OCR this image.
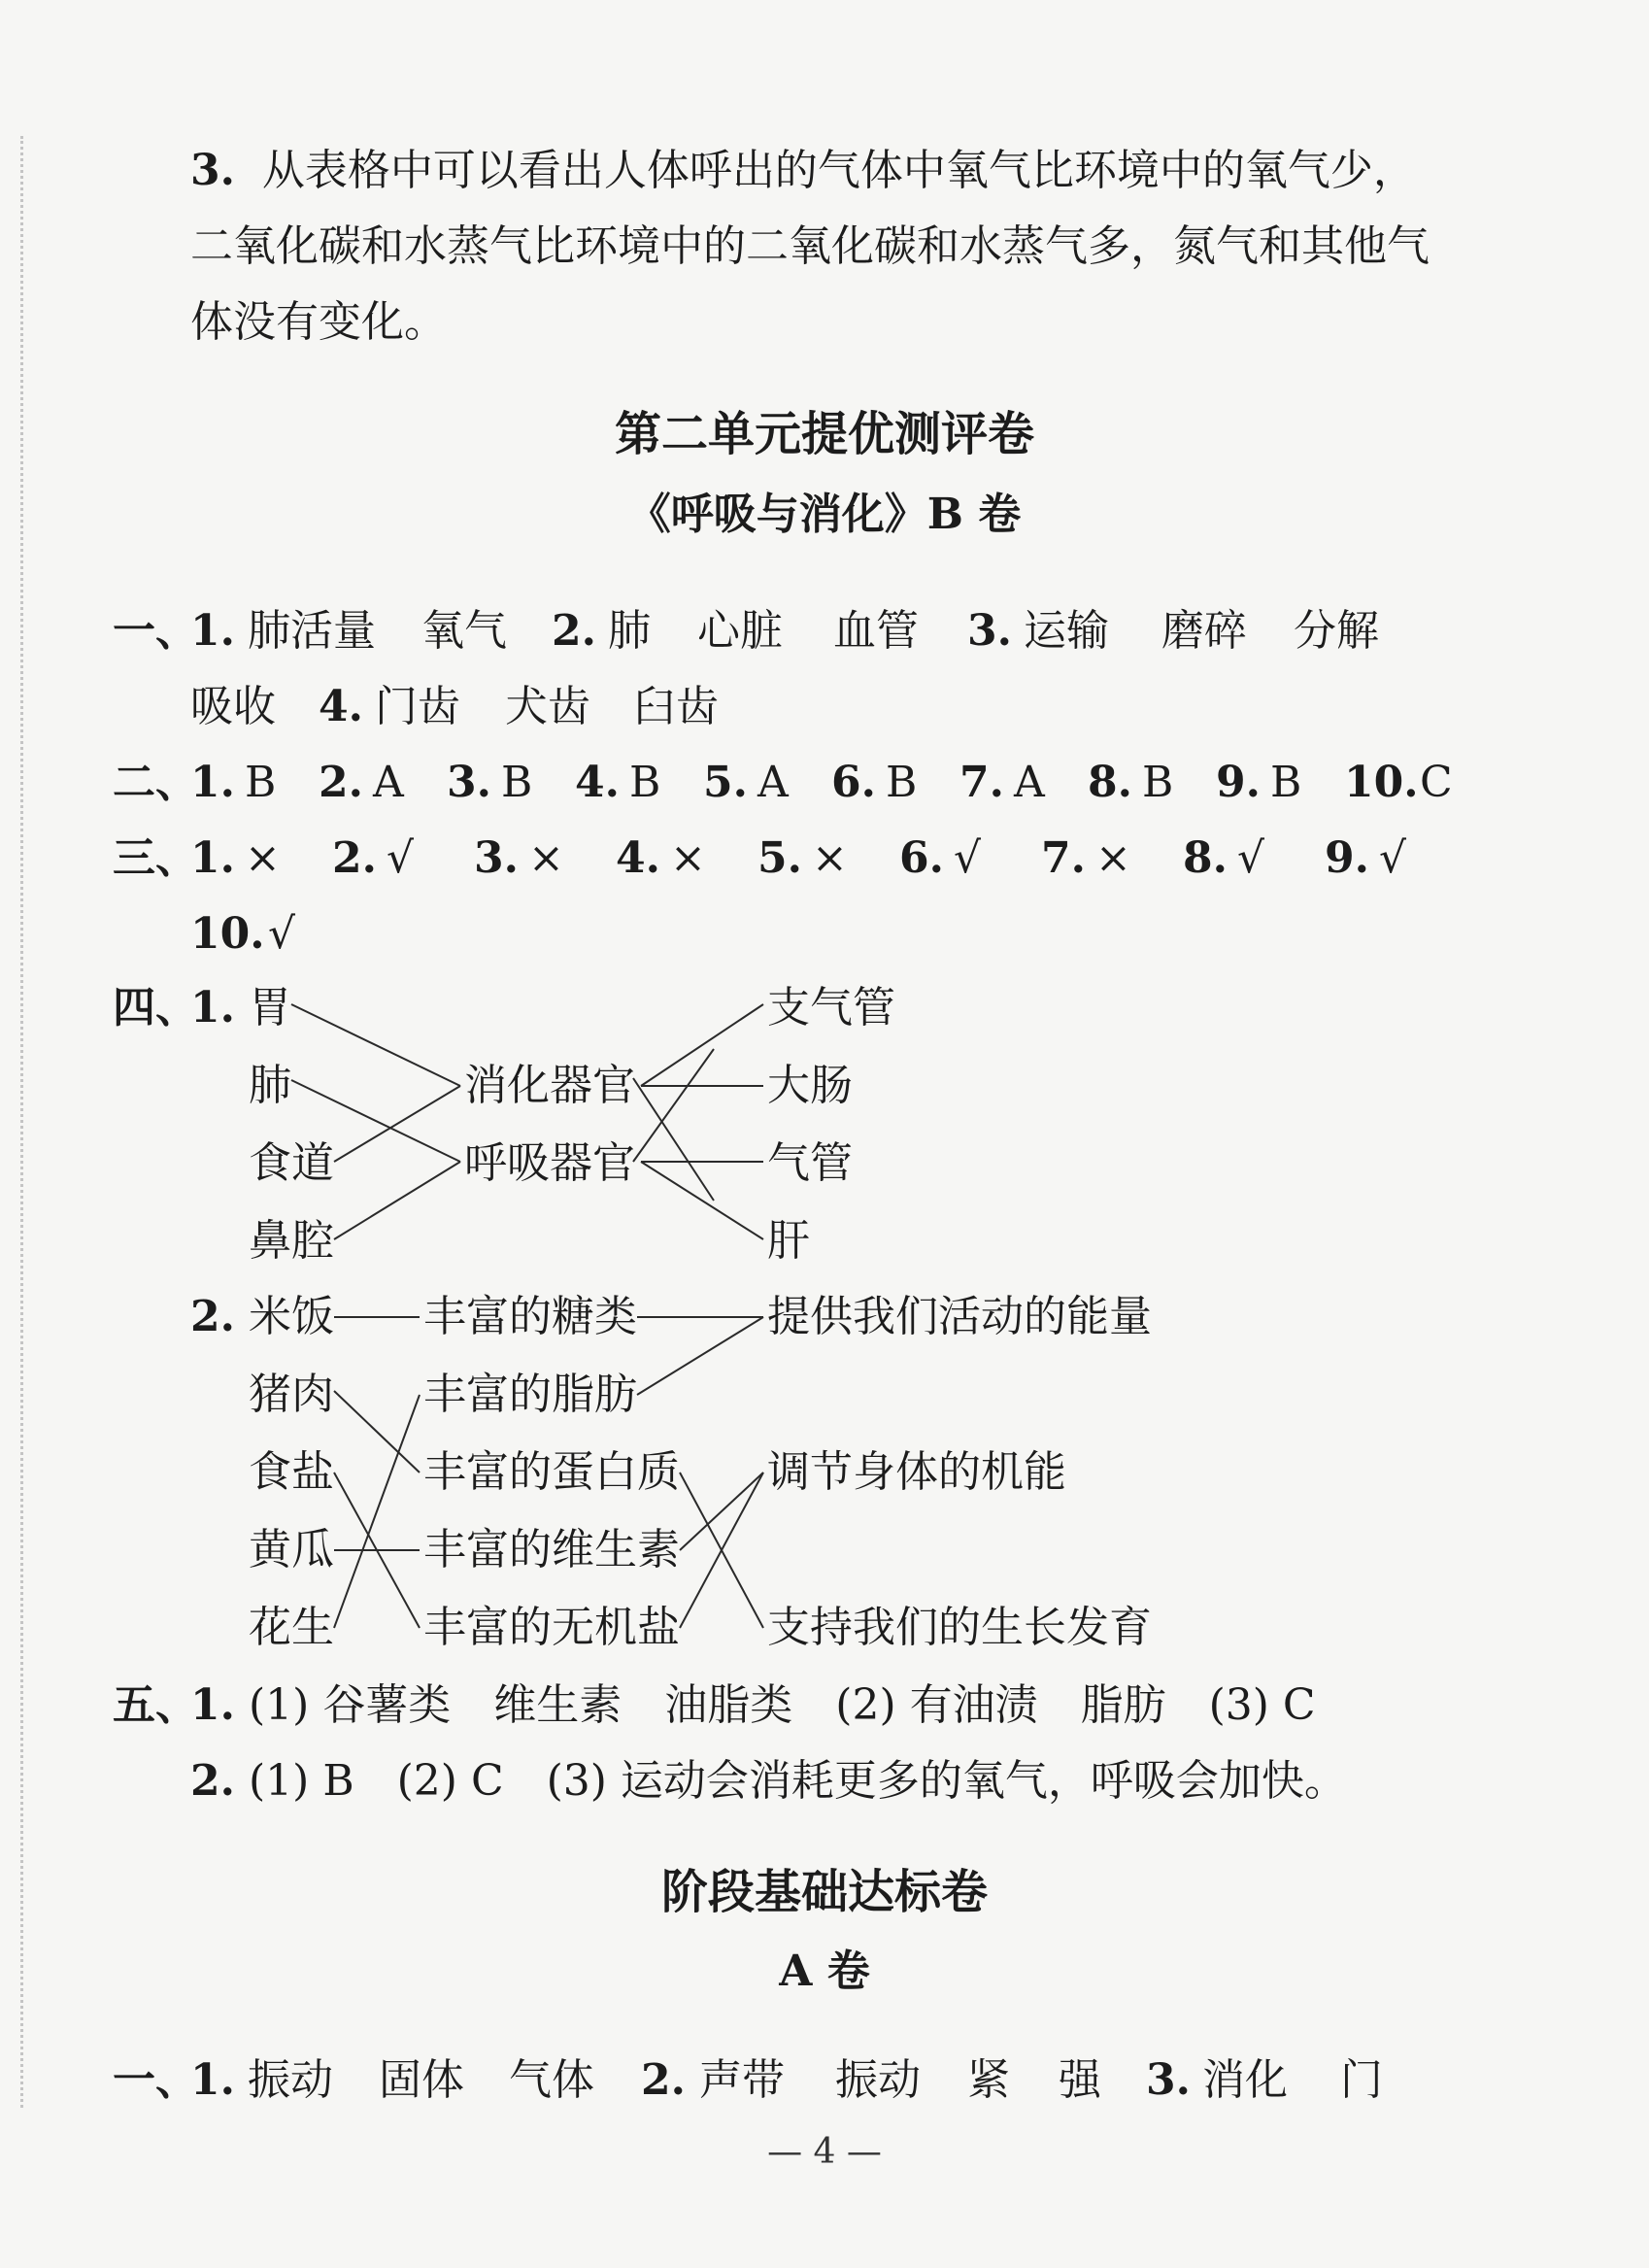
3. 从表格中可以看出人体呼出的气体中氧气比环境中的氧气少，
二氧化碳和水蒸气比环境中的二氧化碳和水蒸气多，氮气和其他气
体没有变化。
第二单元提优测评卷
《呼吸与消化》B 卷
一、
1. 肺活量 氧气 2. 肺 心脏 血管 3. 运输 磨碎 分解
吸收 4. 门齿 犬齿 臼齿
二、
1. B 2. A 3. B 4. B 5. A 6. B 7. A 8. B 9. B 10. C
三、
1. × 2. √ 3. × 4. × 5. × 6. √ 7. × 8. √ 9. √
10. √
四、
1. 胃
肺
食道
鼻腔
消化器官
呼吸器官
支气管
大肠
气管
肝
2. 米饭
猪肉
食盐
黄瓜
花生
丰富的糖类
丰富的脂肪
丰富的蛋白质
丰富的维生素
丰富的无机盐
提供我们活动的能量
调节身体的机能
支持我们的生长发育
五、
1. (1) 谷薯类　维生素　油脂类　(2) 有油渍　脂肪　(3) C
2. (1) B　(2) C　(3) 运动会消耗更多的氧气，呼吸会加快。
阶段基础达标卷
A 卷
一、
1. 振动 固体 气体 2. 声带 振动 紧 强 3. 消化 门
— 4 —
